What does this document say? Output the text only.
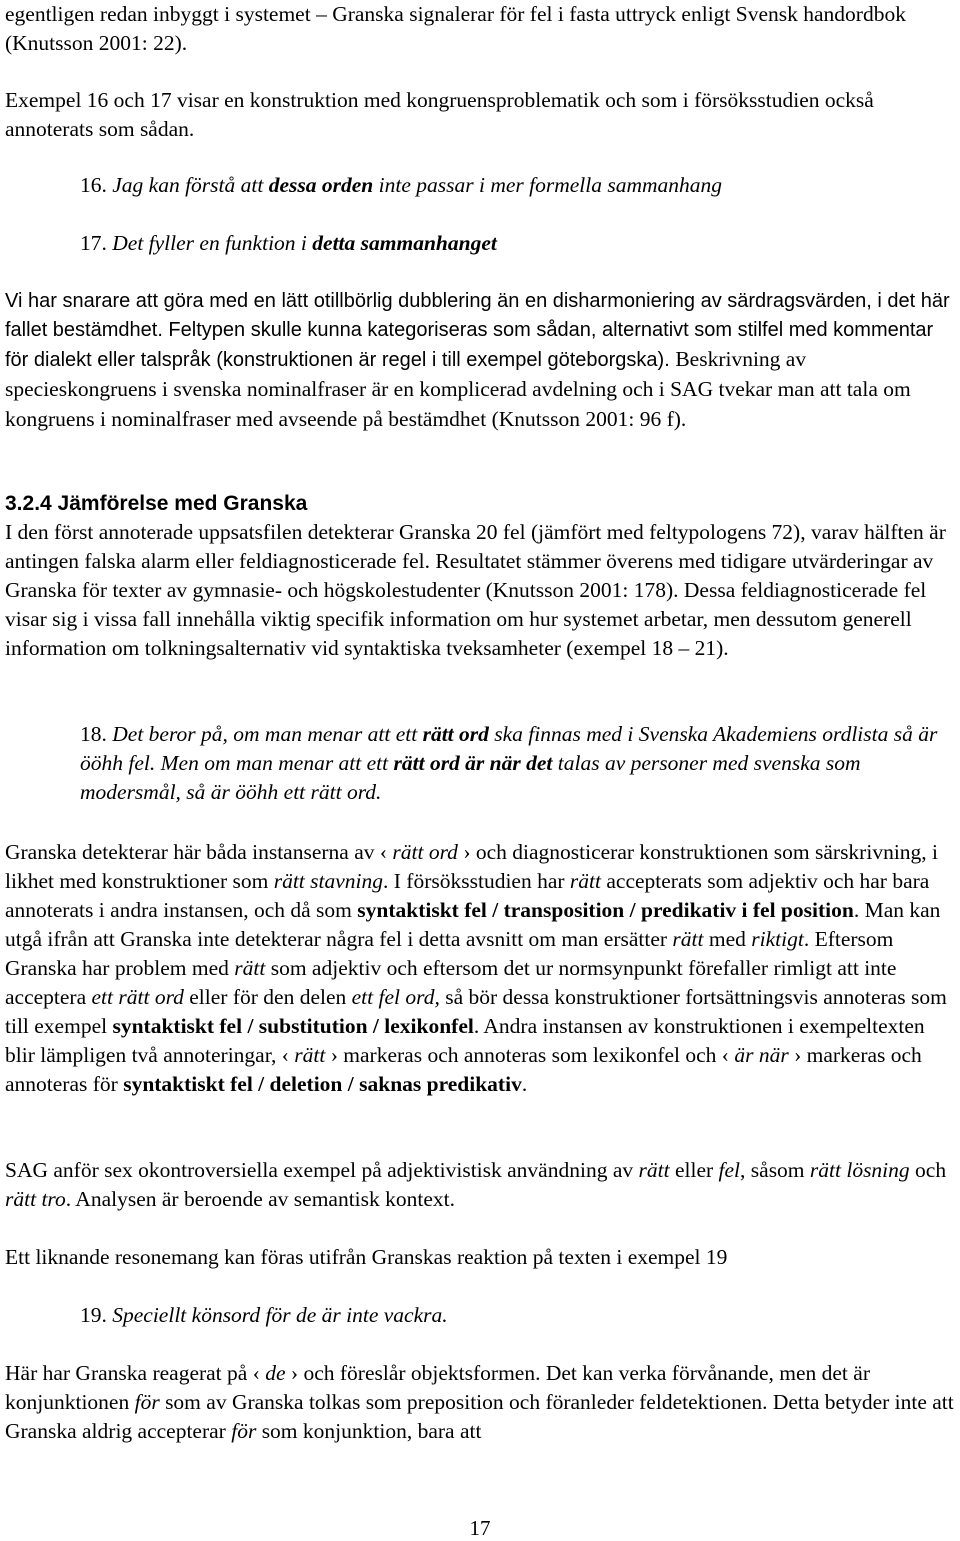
egentligen redan inbyggt i systemet – Granska signalerar för fel i fasta uttryck enligt Svensk handordbok (Knutsson 2001: 22).

Exempel 16 och 17 visar en konstruktion med kongruensproblematik och som i försöksstudien också annoterats som sådan.

16. Jag kan förstå att dessa orden inte passar i mer formella sammanhang

17. Det fyller en funktion i detta sammanhanget

Vi har snarare att göra med en lätt otillbörlig dubblering än en disharmoniering av särdragsvärden, i det här fallet bestämdhet. Feltypen skulle kunna kategoriseras som sådan, alternativt som stilfel med kommentar för dialekt eller talspråk (konstruktionen är regel i till exempel göteborgska). Beskrivning av specieskongruens i svenska nominalfraser är en komplicerad avdelning och i SAG tvekar man att tala om kongruens i nominalfraser med avseende på bestämdhet (Knutsson 2001: 96 f).

3.2.4 Jämförelse med Granska

I den först annoterade uppsatsfilen detekterar Granska 20 fel (jämfört med feltypologens 72), varav hälften är antingen falska alarm eller feldiagnosticerade fel. Resultatet stämmer överens med tidigare utvärderingar av Granska för texter av gymnasie- och högskolestudenter (Knutsson 2001: 178). Dessa feldiagnosticerade fel visar sig i vissa fall innehålla viktig specifik information om hur systemet arbetar, men dessutom generell information om tolkningsalternativ vid syntaktiska tveksamheter (exempel 18 – 21).

18. Det beror på, om man menar att ett rätt ord ska finnas med i Svenska Akademiens ordlista så är ööhh fel. Men om man menar att ett rätt ord är när det talas av personer med svenska som modersmål, så är ööhh ett rätt ord.

Granska detekterar här båda instanserna av ‹ rätt ord › och diagnosticerar konstruktionen som särskrivning, i likhet med konstruktioner som rätt stavning. I försöksstudien har rätt accepterats som adjektiv och har bara annoterats i andra instansen, och då som syntaktiskt fel / transposition / predikativ i fel position. Man kan utgå ifrån att Granska inte detekterar några fel i detta avsnitt om man ersätter rätt med riktigt. Eftersom Granska har problem med rätt som adjektiv och eftersom det ur normsynpunkt förefaller rimligt att inte acceptera ett rätt ord eller för den delen ett fel ord, så bör dessa konstruktioner fortsättningsvis annoteras som till exempel syntaktiskt fel / substitution / lexikonfel. Andra instansen av konstruktionen i exempeltexten blir lämpligen två annoteringar, ‹ rätt › markeras och annoteras som lexikonfel och ‹ är när › markeras och annoteras för syntaktiskt fel / deletion / saknas predikativ.

SAG anför sex okontroversiella exempel på adjektivistisk användning av rätt eller fel, såsom rätt lösning och rätt tro. Analysen är beroende av semantisk kontext.

Ett liknande resonemang kan föras utifrån Granskas reaktion på texten i exempel 19

19. Speciellt könsord för de är inte vackra.

Här har Granska reagerat på ‹ de › och föreslår objektsformen. Det kan verka förvånande, men det är konjunktionen för som av Granska tolkas som preposition och föranleder feldetektionen. Detta betyder inte att Granska aldrig accepterar för som konjunktion, bara att

17
